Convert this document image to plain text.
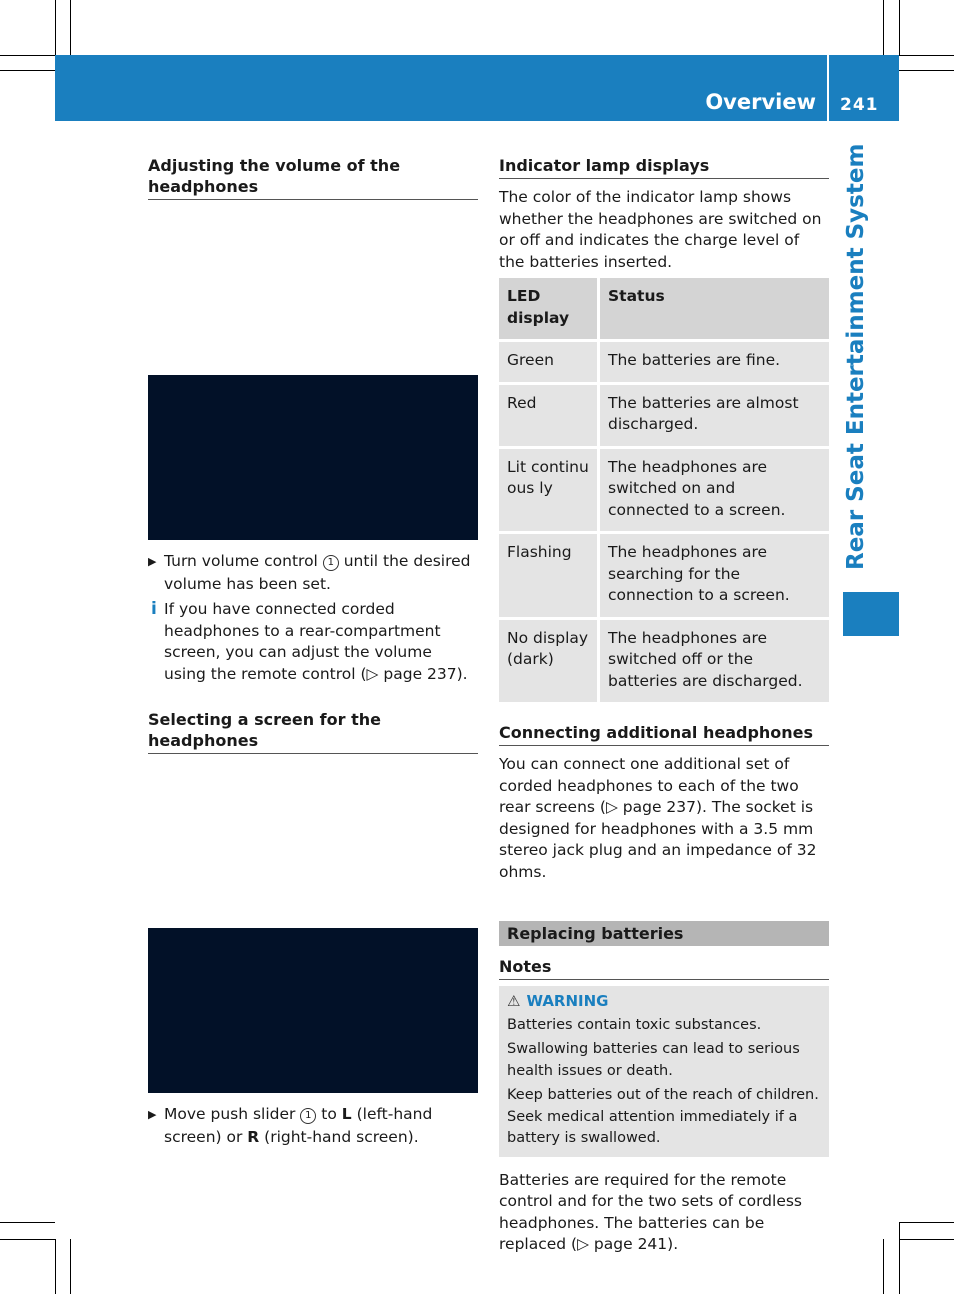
Overview 241
Rear Seat Entertainment System
Adjusting the volume of the headphones
▶ Turn volume control 1 until the desired volume has been set.
i If you have connected corded headphones to a rear-compartment screen, you can adjust the volume using the remote control (▷ page 237).
Selecting a screen for the headphones
▶ Move push slider 1 to L (left-hand screen) or R (right-hand screen).
Indicator lamp displays

The color of the indicator lamp shows whether the headphones are switched on or off and indicates the charge level of the batteries inserted.

LED display	Status
Green	The batteries are fine.
Red	The batteries are almost discharged.
Lit continuous ly	The headphones are switched on and connected to a screen.
Flashing	The headphones are searching for the connection to a screen.
No display (dark)	The headphones are switched off or the batteries are discharged.
Connecting additional headphones

You can connect one additional set of corded headphones to each of the two rear screens (▷ page 237). The socket is designed for headphones with a 3.5 mm stereo jack plug and an impedance of 32 ohms.

Replacing batteries
Notes
⚠ WARNING

Batteries contain toxic substances.

Swallowing batteries can lead to serious health issues or death.

Keep batteries out of the reach of children. Seek medical attention immediately if a battery is swallowed.

Batteries are required for the remote control and for the two sets of cordless headphones. The batteries can be replaced (▷ page 241).
